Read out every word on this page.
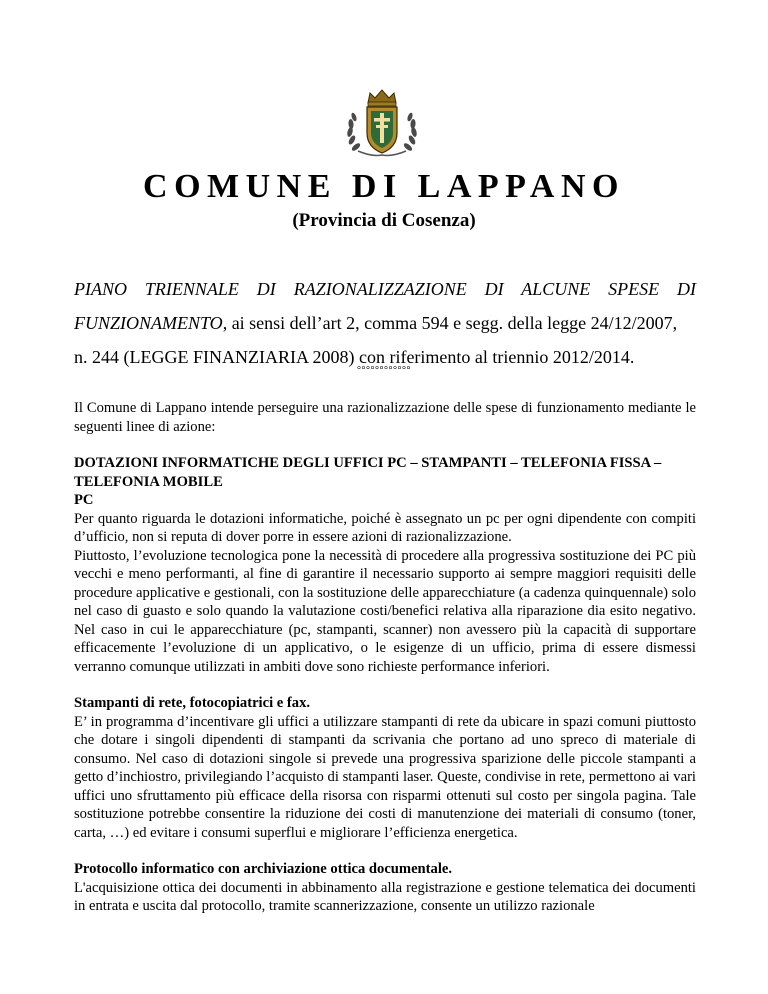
COMUNE DI LAPPANO
(Provincia di Cosenza)
PIANO TRIENNALE DI RAZIONALIZZAZIONE DI ALCUNE SPESE DI
FUNZIONAMENTO, ai sensi dell’art 2, comma 594 e segg. della legge 24/12/2007,
n. 244 (LEGGE FINANZIARIA 2008) con riferimento al triennio 2012/2014.
°°°°°°°°°°°°

Il Comune di Lappano intende perseguire una razionalizzazione delle spese di funzionamento mediante le seguenti linee di azione:

DOTAZIONI INFORMATICHE DEGLI UFFICI PC – STAMPANTI – TELEFONIA FISSA – TELEFONIA MOBILE
PC

Per quanto riguarda le dotazioni informatiche, poiché è assegnato un pc per ogni dipendente con compiti d’ufficio, non si reputa di dover porre in essere azioni di razionalizzazione.

Piuttosto, l’evoluzione tecnologica pone la necessità di procedere alla progressiva sostituzione dei PC più vecchi e meno performanti, al fine di garantire il necessario supporto ai sempre maggiori requisiti delle procedure applicative e gestionali, con la sostituzione delle apparecchiature (a cadenza quinquennale) solo nel caso di guasto e solo quando la valutazione costi/benefici relativa alla riparazione dia esito negativo. Nel caso in cui le apparecchiature (pc, stampanti, scanner) non avessero più la capacità di supportare efficacemente l’evoluzione di un applicativo, o le esigenze di un ufficio, prima di essere dismessi verranno comunque utilizzati in ambiti dove sono richieste performance inferiori.

Stampanti di rete, fotocopiatrici e fax.

E’ in programma d’incentivare gli uffici a utilizzare stampanti di rete da ubicare in spazi comuni piuttosto che dotare i singoli dipendenti di stampanti da scrivania che portano ad uno spreco di materiale di consumo. Nel caso di dotazioni singole si prevede una progressiva sparizione delle piccole stampanti a getto d’inchiostro, privilegiando l’acquisto di stampanti laser. Queste, condivise in rete, permettono ai vari uffici uno sfruttamento più efficace della risorsa con risparmi ottenuti sul costo per singola pagina. Tale sostituzione potrebbe consentire la riduzione dei costi di manutenzione dei materiali di consumo (toner, carta, …) ed evitare i consumi superflui e migliorare l’efficienza energetica.

Protocollo informatico con archiviazione ottica documentale.

L'acquisizione ottica dei documenti in abbinamento alla registrazione e gestione telematica dei documenti in entrata e uscita dal protocollo, tramite scannerizzazione, consente un utilizzo razionale
